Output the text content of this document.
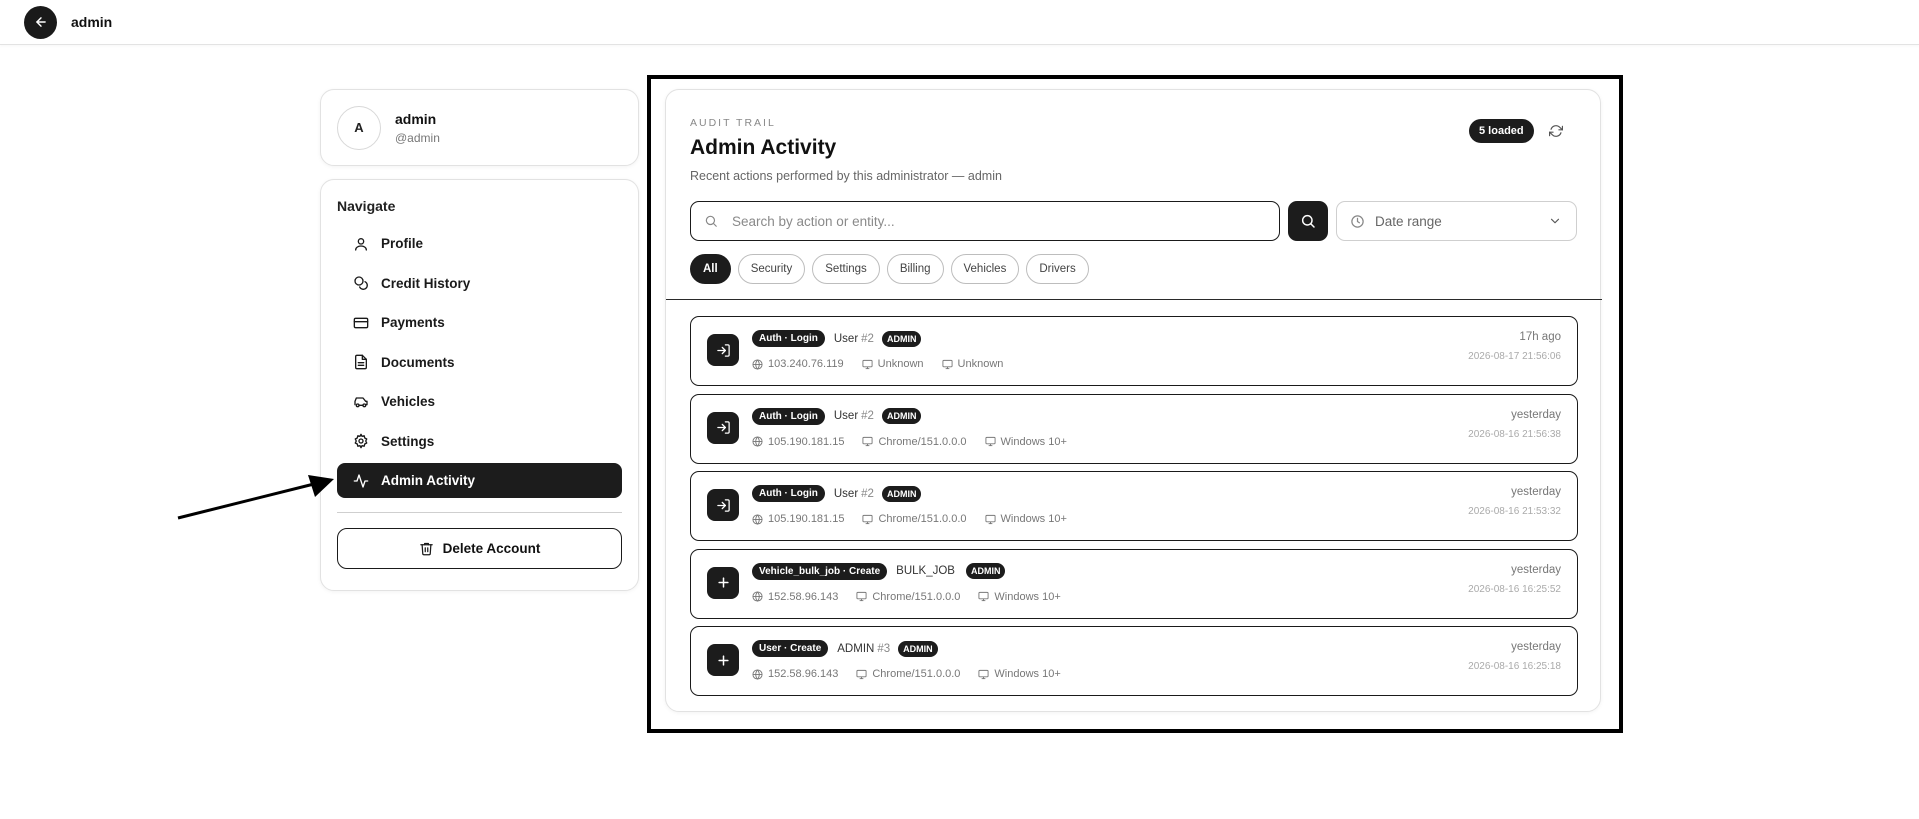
admin
A
admin
@admin
Navigate
Profile
Credit History
Payments
Documents
Vehicles
Settings
Admin Activity
Delete Account
AUDIT TRAIL
Admin Activity
Recent actions performed by this administrator — admin
5 loaded
Search by action or entity...
Date range
All	Security	Settings	Billing	Vehicles	Drivers
Auth · Login	User #2	ADMIN
103.240.76.119	Unknown	Unknown
17h ago
2026-08-17 21:56:06
Auth · Login	User #2	ADMIN
105.190.181.15	Chrome/151.0.0.0	Windows 10+
yesterday
2026-08-16 21:56:38
Auth · Login	User #2	ADMIN
105.190.181.15	Chrome/151.0.0.0	Windows 10+
yesterday
2026-08-16 21:53:32
Vehicle_bulk_job · Create	BULK_JOB	ADMIN
152.58.96.143	Chrome/151.0.0.0	Windows 10+
yesterday
2026-08-16 16:25:52
User · Create	ADMIN #3	ADMIN
152.58.96.143	Chrome/151.0.0.0	Windows 10+
yesterday
2026-08-16 16:25:18
